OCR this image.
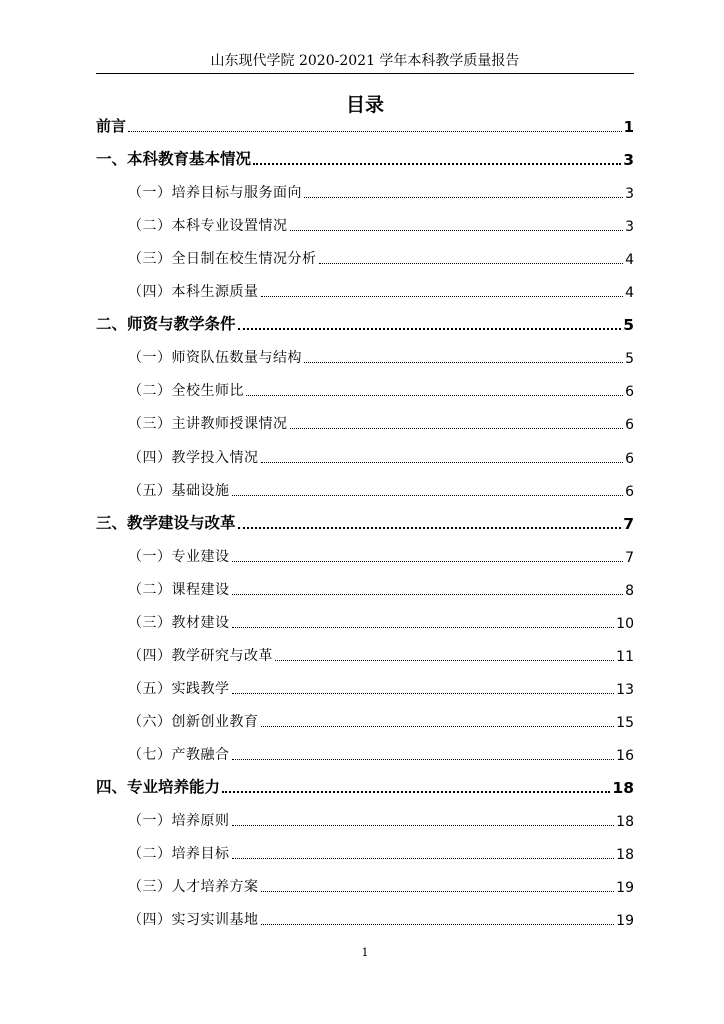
山东现代学院 2020-2021 学年本科教学质量报告
目录
前言	1
一、本科教育基本情况	3
（一）培养目标与服务面向	3
（二）本科专业设置情况	3
（三）全日制在校生情况分析	4
（四）本科生源质量	4
二、师资与教学条件	5
（一）师资队伍数量与结构	5
（二）全校生师比	6
（三）主讲教师授课情况	6
（四）教学投入情况	6
（五）基础设施	6
三、教学建设与改革	7
（一）专业建设	7
（二）课程建设	8
（三）教材建设	10
（四）教学研究与改革	11
（五）实践教学	13
（六）创新创业教育	15
（七）产教融合	16
四、专业培养能力	18
（一）培养原则	18
（二）培养目标	18
（三）人才培养方案	19
（四）实习实训基地	19
1
